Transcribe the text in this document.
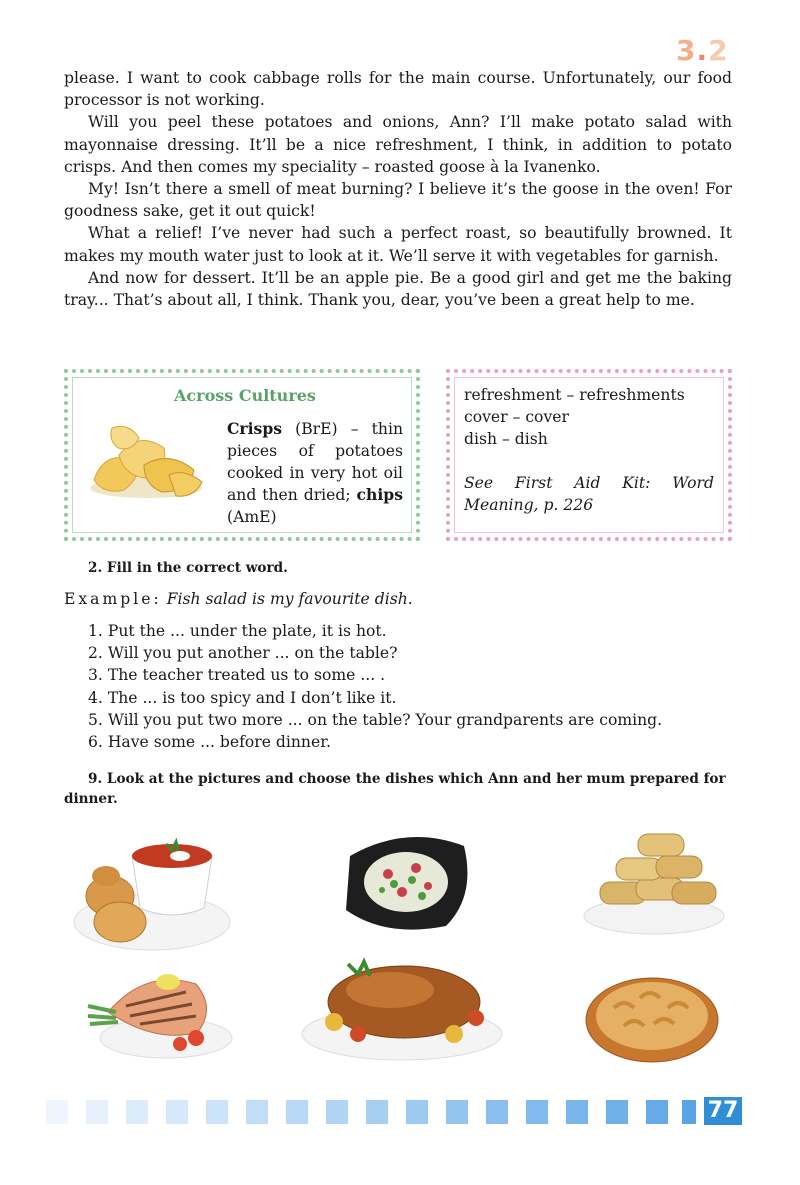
3.2

please. I want to cook cabbage rolls for the main course. Unfortunately, our food processor is not working.

Will you peel these potatoes and onions, Ann? I’ll make potato salad with mayonnaise dressing. It’ll be a nice refreshment, I think, in addition to potato crisps. And then comes my speciality – roasted goose à la Ivanenko.

My! Isn’t there a smell of meat burning? I believe it’s the goose in the oven! For goodness sake, get it out quick!

What a relief! I’ve never had such a perfect roast, so beautifully browned. It makes my mouth water just to look at it. We’ll serve it with vegetables for garnish.

And now for dessert. It’ll be an apple pie. Be a good girl and get me the baking tray... That’s about all, I think. Thank you, dear, you’ve been a great help to me.

Across Cultures
Crisps (BrE) – thin pieces of potatoes cooked in very hot oil and then dried; chips (AmE)
refreshment – refreshments
cover – cover
dish – dish
See First Aid Kit: Word Meaning, p. 226
2. Fill in the correct word.
Example: Fish salad is my favourite dish.
1. Put the ... under the plate, it is hot.
2. Will you put another ... on the table?
3. The teacher treated us to some ... .
4. The ... is too spicy and I don’t like it.
5. Will you put two more ... on the table? Your grandparents are coming.
6. Have some ... before dinner.
9. Look at the pictures and choose the dishes which Ann and her mum prepared for dinner.
77
